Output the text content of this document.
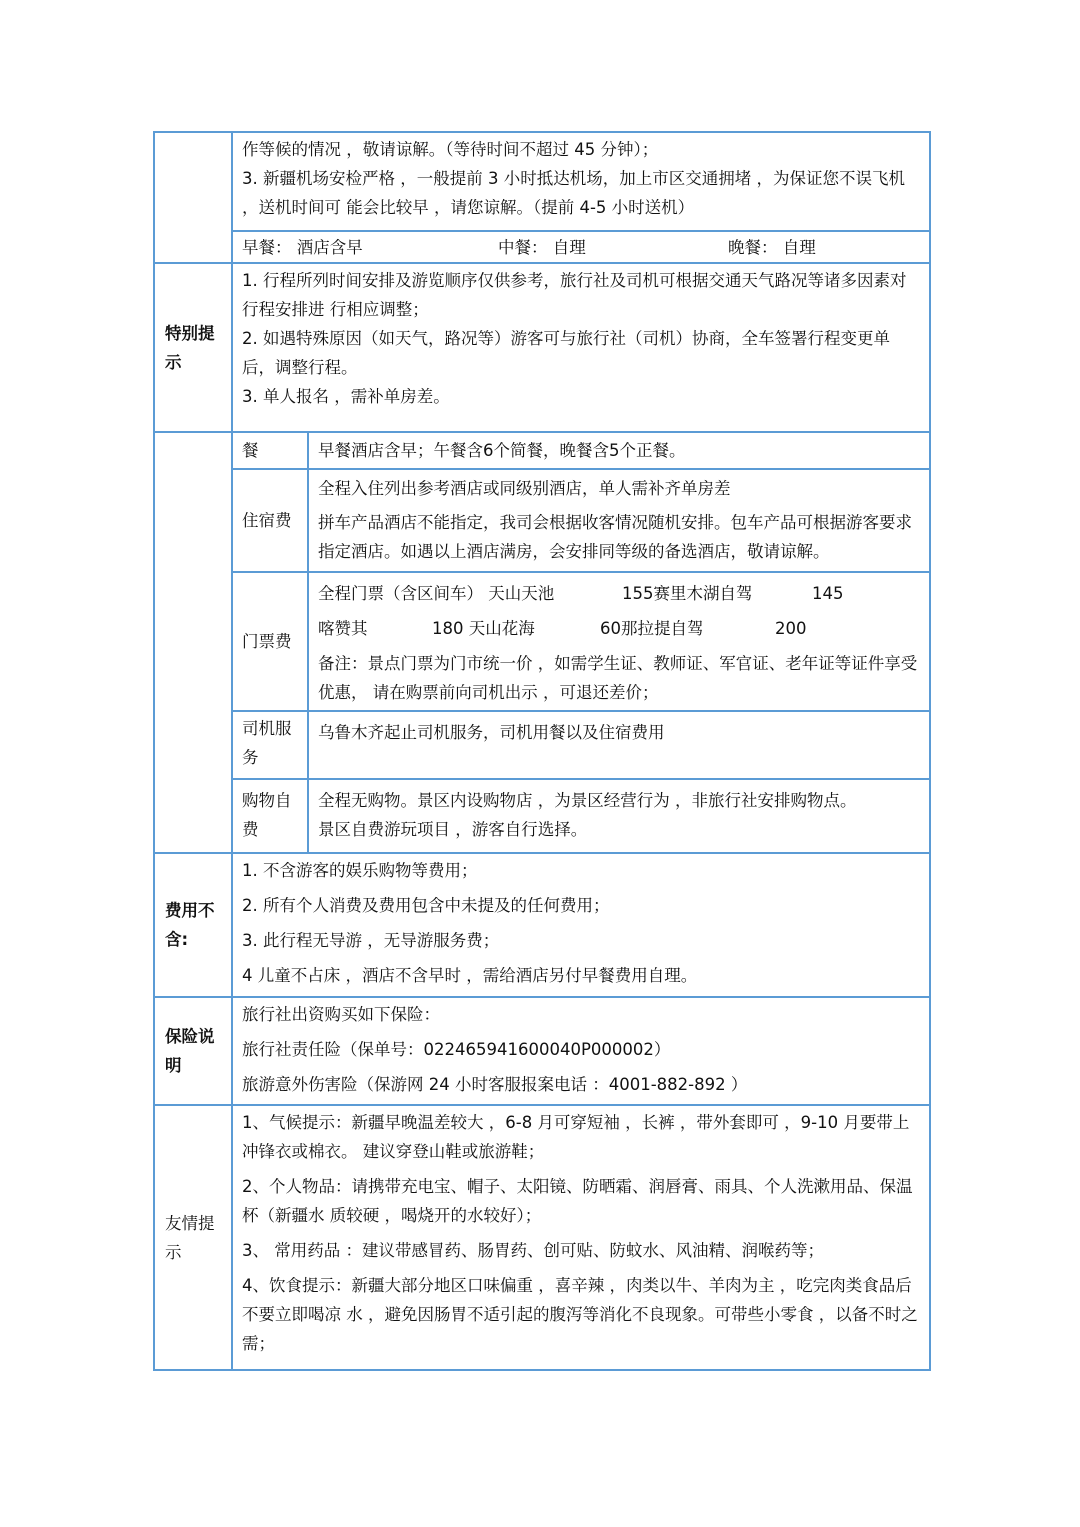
	作等候的情况 ，敬请谅解。（等待时间不超过 45 分钟）；
3. 新疆机场安检严格 ，一般提前 3 小时抵达机场，加上市区交通拥堵 ，为保证您不误飞机 ，送机时间可 能会比较早 ，请您谅解。（提前 4-5 小时送机）	

	早餐： 酒店含早 中餐： 自理 晚餐： 自理	
特别提示	1. 行程所列时间安排及游览顺序仅供参考，旅行社及司机可根据交通天气路况等诸多因素对行程安排进 行相应调整；
2. 如遇特殊原因（如天气，路况等）游客可与旅行社（司机）协商，全车签署行程变更单后，调整行程。
3. 单人报名 ，需补单房差。	

	餐	早餐酒店含早；午餐含6个简餐，晚餐含5个正餐。
	住宿费	全程入住列出参考酒店或同级别酒店，单人需补齐单房差
拼车产品酒店不能指定，我司会根据收客情况随机安排。包车产品可根据游客要求指定酒店。如遇以上酒店满房，会安排同等级的备选酒店，敬请谅解。

	门票费	全程门票（含区间车） 天山天池 155赛里木湖自驾 145
喀赞其 180 天山花海 60那拉提自驾 200
备注：景点门票为门市统一价 ，如需学生证、教师证、军官证、老年证等证件享受优惠， 请在购票前向司机出示 ，可退还差价；

	司机服务	乌鲁木齐起止司机服务，司机用餐以及住宿费用
	购物自费	全程无购物。景区内设购物店 ，为景区经营行为 ，非旅行社安排购物点。
景区自费游玩项目 ，游客自行选择。

费用不含:	1. 不含游客的娱乐购物等费用；
2. 所有个人消费及费用包含中未提及的任何费用；
3. 此行程无导游 ，无导游服务费；
4 儿童不占床 ，酒店不含早时 ，需给酒店另付早餐费用自理。	

保险说明	旅行社出资购买如下保险：
旅行社责任险（保单号：022465941600040P000002）
旅游意外伤害险（保游网 24 小时客服报案电话 ：4001-882-892 ）	

友情提示	1、气候提示：新疆早晚温差较大 ，6-8 月可穿短袖 ，长裤 ，带外套即可 ，9-10 月要带上冲锋衣或棉衣。 建议穿登山鞋或旅游鞋；
2、个人物品：请携带充电宝、帽子、太阳镜、防晒霜、润唇膏、雨具、个人洗漱用品、保温杯（新疆水 质较硬 ，喝烧开的水较好）；
3、 常用药品 ：建议带感冒药、肠胃药、创可贴、防蚊水、风油精、润喉药等；
4、饮食提示：新疆大部分地区口味偏重 ，喜辛辣 ，肉类以牛、羊肉为主 ，吃完肉类食品后不要立即喝凉 水 ，避免因肠胃不适引起的腹泻等消化不良现象。可带些小零食 ，以备不时之需；	
